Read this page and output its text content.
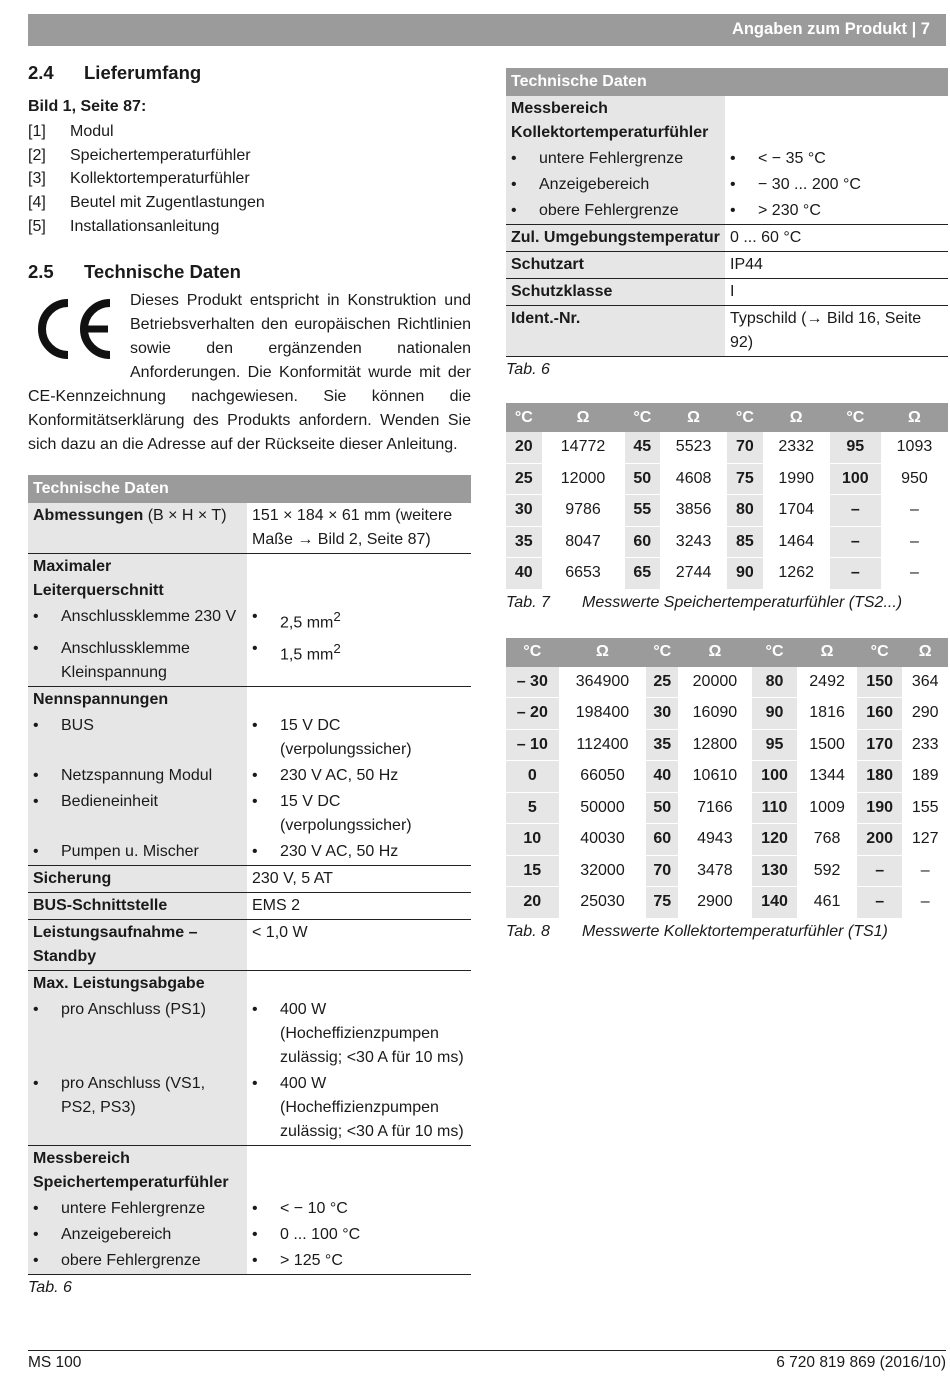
Angaben zum Produkt | 7
2.4	Lieferumfang
Bild 1, Seite 87:
[1]	Modul
[2]	Speichertemperaturfühler
[3]	Kollektortemperaturfühler
[4]	Beutel mit Zugentlastungen
[5]	Installationsanleitung
2.5	Technische Daten
Dieses Produkt entspricht in Konstruktion und Betriebsverhalten den europäischen Richtlinien sowie den ergänzenden nationalen Anforderungen. Die Konformität wurde mit der CE-Kennzeichnung nachgewiesen. Sie können die Konformitätserklärung des Produkts anfordern. Wenden Sie sich dazu an die Adresse auf der Rückseite dieser Anleitung.
Technische Daten	
Abmessungen (B × H × T)	151 × 184 × 61 mm (weitere Maße → Bild 2, Seite 87)
Maximaler Leiterquerschnitt	

• Anschlussklemme 230 V	• 2,5 $mm^2$

• Anschlussklemme Kleinspannung	• 1,5 $mm^2$

Nennspannungen	

• BUS	• 15 V DC (verpolungssicher)

• Netzspannung Modul	• 230 V AC, 50 Hz

• Bedieneinheit	• 15 V DC (verpolungssicher)

• Pumpen u. Mischer	• 230 V AC, 50 Hz

Sicherung	230 V, 5 AT
BUS-Schnittstelle	EMS 2
Leistungsaufnahme – Standby	< 1,0 W
Max. Leistungsabgabe	

• pro Anschluss (PS1)	• 400 W (Hocheffizienzpumpen zulässig; <30 A für 10 ms)

• pro Anschluss (VS1, PS2, PS3)	• 400 W (Hocheffizienzpumpen zulässig; <30 A für 10 ms)

Messbereich Speichertemperaturfühler	

• untere Fehlergrenze	• < − 10 °C

• Anzeigebereich	• 0 ... 100 °C

• obere Fehlergrenze	• > 125 °C
Tab. 6
Technische Daten	
Messbereich Kollektortemperaturfühler	

• untere Fehlergrenze	• < − 35 °C

• Anzeigebereich	• − 30 ... 200 °C

• obere Fehlergrenze	• > 230 °C

Zul. Umgebungstemperatur	0 ... 60 °C
Schutzart	IP44
Schutzklasse	I
Ident.-Nr.	Typschild (→ Bild 16, Seite 92)
Tab. 6
°C	Ω	°C	Ω	°C	Ω	°C	Ω
20	14772	45	5523	70	2332	95	1093
25	12000	50	4608	75	1990	100	950
30	9786	55	3856	80	1704	–	–
35	8047	60	3243	85	1464	–	–
40	6653	65	2744	90	1262	–	–
Tab. 7 Messwerte Speichertemperaturfühler (TS2...)
°C	Ω	°C	Ω	°C	Ω	°C	Ω
– 30	364900	25	20000	80	2492	150	364
– 20	198400	30	16090	90	1816	160	290
– 10	112400	35	12800	95	1500	170	233
0	66050	40	10610	100	1344	180	189
5	50000	50	7166	110	1009	190	155
10	40030	60	4943	120	768	200	127
15	32000	70	3478	130	592	–	–
20	25030	75	2900	140	461	–	–
Tab. 8 Messwerte Kollektortemperaturfühler (TS1)
MS 100	6 720 819 869 (2016/10)
